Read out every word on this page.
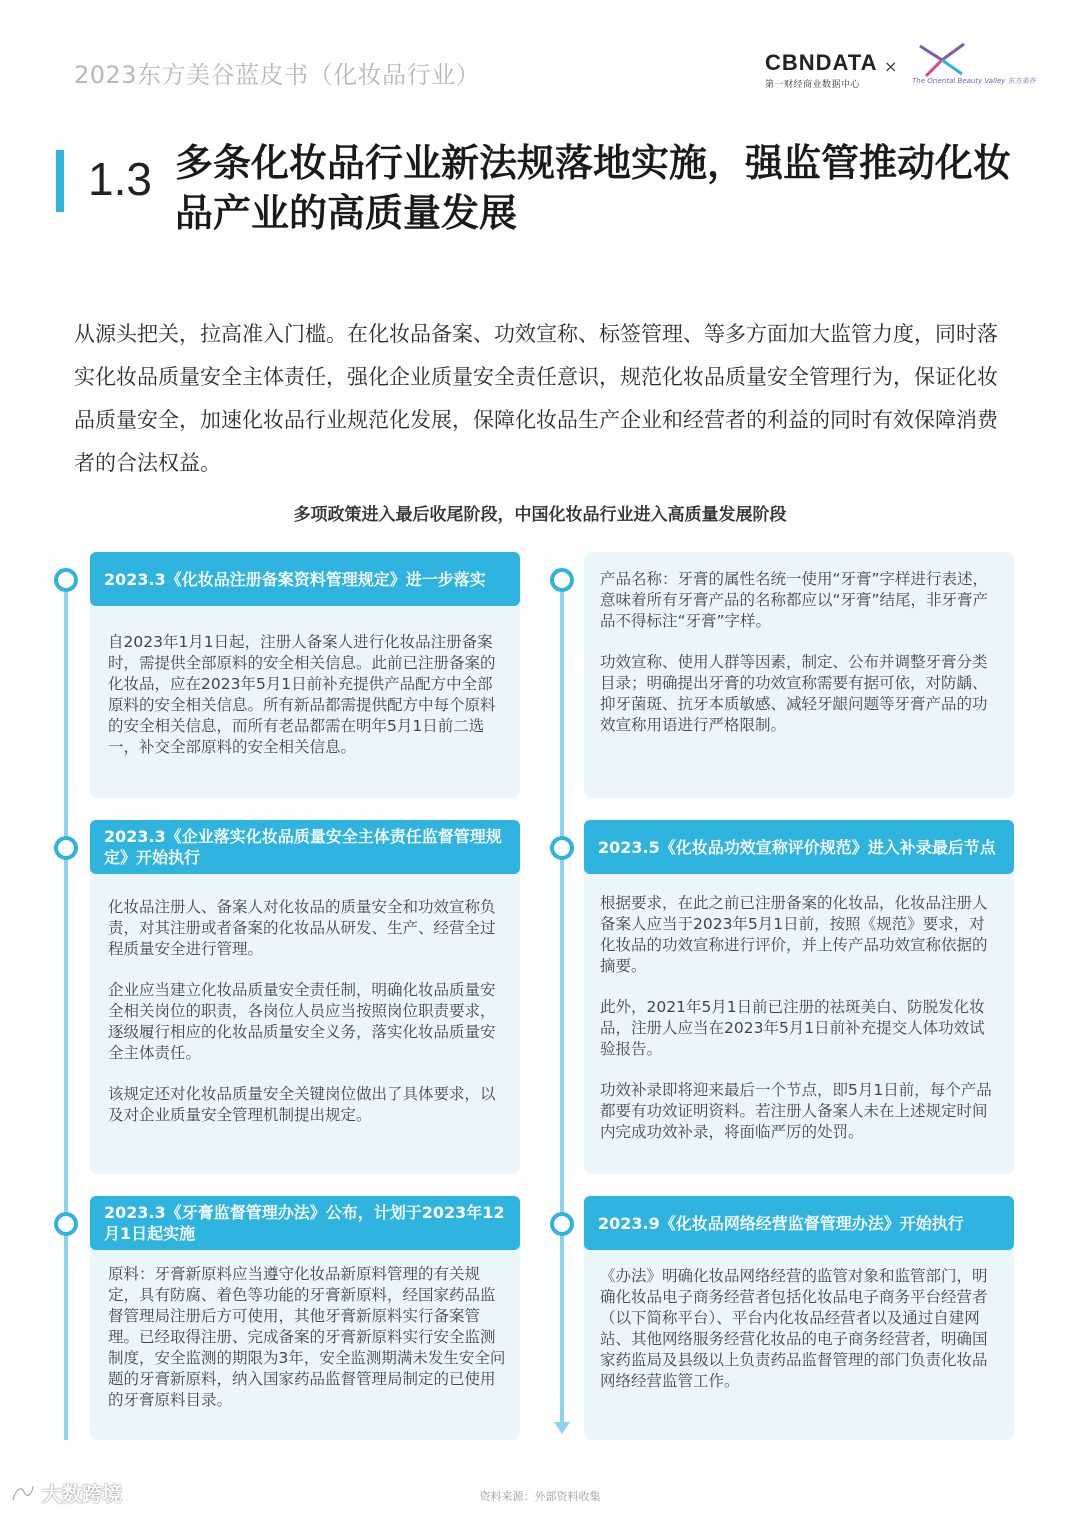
2023东方美谷蓝皮书（化妆品行业）	CBNDATA
第一财经商业数据中心
×
The Oriental Beauty Valley 东方美谷
1.3 多条化妆品行业新法规落地实施，强监管推动化妆品产业的高质量发展
从源头把关，拉高准入门槛。在化妆品备案、功效宣称、标签管理、等多方面加大监管力度，同时落实化妆品质量安全主体责任，强化企业质量安全责任意识，规范化妆品质量安全管理行为，保证化妆品质量安全，加速化妆品行业规范化发展，保障化妆品生产企业和经营者的利益的同时有效保障消费者的合法权益。
多项政策进入最后收尾阶段，中国化妆品行业进入高质量发展阶段
2023.3《化妆品注册备案资料管理规定》进一步落实

自2023年1月1日起，注册人备案人进行化妆品注册备案时，需提供全部原料的安全相关信息。此前已注册备案的化妆品，应在2023年5月1日前补充提供产品配方中全部原料的安全相关信息。所有新品都需提供配方中每个原料的安全相关信息，而所有老品都需在明年5月1日前二选一，补交全部原料的安全相关信息。

2023.3《企业落实化妆品质量安全主体责任监督管理规定》开始执行

化妆品注册人、备案人对化妆品的质量安全和功效宣称负责，对其注册或者备案的化妆品从研发、生产、经营全过程质量安全进行管理。

企业应当建立化妆品质量安全责任制，明确化妆品质量安全相关岗位的职责，各岗位人员应当按照岗位职责要求，逐级履行相应的化妆品质量安全义务，落实化妆品质量安全主体责任。

该规定还对化妆品质量安全关键岗位做出了具体要求，以及对企业质量安全管理机制提出规定。

2023.3《牙膏监督管理办法》公布，计划于2023年12月1日起实施

原料：牙膏新原料应当遵守化妆品新原料管理的有关规定，具有防腐、着色等功能的牙膏新原料，经国家药品监督管理局注册后方可使用，其他牙膏新原料实行备案管理。已经取得注册、完成备案的牙膏新原料实行安全监测制度，安全监测的期限为3年，安全监测期满未发生安全问题的牙膏新原料，纳入国家药品监督管理局制定的已使用的牙膏原料目录。

产品名称：牙膏的属性名统一使用“牙膏”字样进行表述，意味着所有牙膏产品的名称都应以“牙膏”结尾，非牙膏产品不得标注“牙膏”字样。

功效宣称、使用人群等因素，制定、公布并调整牙膏分类目录；明确提出牙膏的功效宣称需要有据可依，对防龋、抑牙菌斑、抗牙本质敏感、减轻牙龈问题等牙膏产品的功效宣称用语进行严格限制。

2023.5《化妆品功效宣称评价规范》进入补录最后节点

根据要求，在此之前已注册备案的化妆品，化妆品注册人备案人应当于2023年5月1日前，按照《规范》要求，对化妆品的功效宣称进行评价，并上传产品功效宣称依据的摘要。

此外，2021年5月1日前已注册的祛斑美白、防脱发化妆品，注册人应当在2023年5月1日前补充提交人体功效试验报告。

功效补录即将迎来最后一个节点，即5月1日前，每个产品都要有功效证明资料。若注册人备案人未在上述规定时间内完成功效补录，将面临严厉的处罚。

2023.9《化妆品网络经营监督管理办法》开始执行

《办法》明确化妆品网络经营的监管对象和监管部门，明确化妆品电子商务经营者包括化妆品电子商务平台经营者（以下简称平台）、平台内化妆品经营者以及通过自建网站、其他网络服务经营化妆品的电子商务经营者，明确国家药监局及县级以上负责药品监督管理的部门负责化妆品网络经营监管工作。

资料来源：外部资料收集
大数跨境
